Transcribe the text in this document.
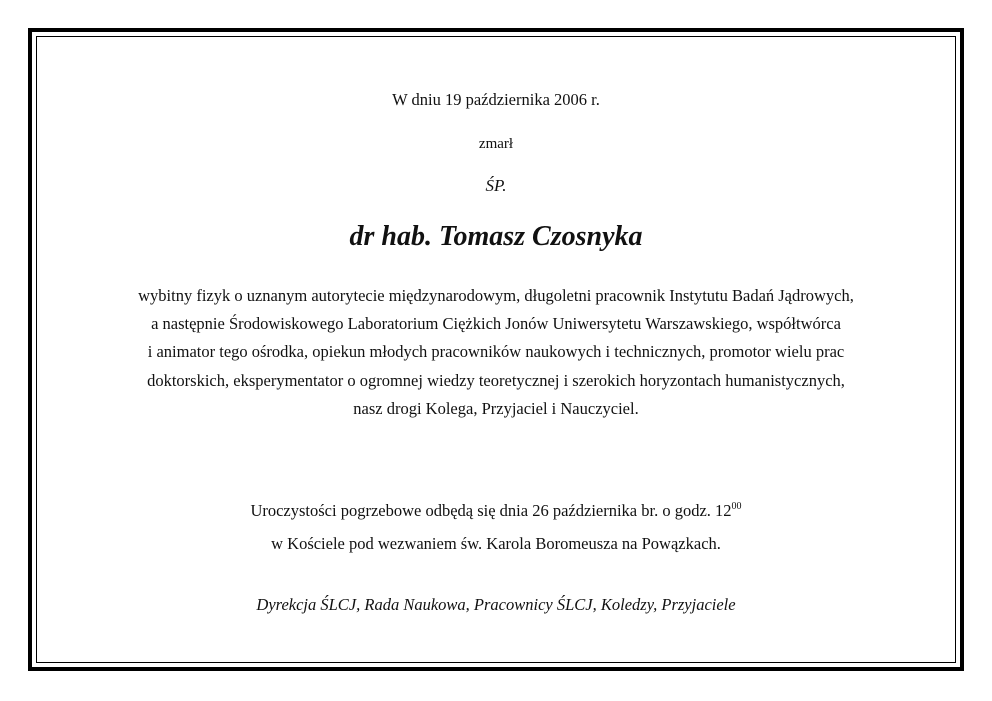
W dniu 19 października 2006 r.
zmarł
ŚP.
dr hab. Tomasz Czosnyka
wybitny fizyk o uznanym autorytecie międzynarodowym, długoletni pracownik Instytutu Badań Jądrowych,
a następnie Środowiskowego Laboratorium Ciężkich Jonów Uniwersytetu Warszawskiego, współtwórca
i animator tego ośrodka, opiekun młodych pracowników naukowych i technicznych, promotor wielu prac
doktorskich, eksperymentator o ogromnej wiedzy teoretycznej i szerokich horyzontach humanistycznych,
nasz drogi Kolega, Przyjaciel i Nauczyciel.
Uroczystości pogrzebowe odbędą się dnia 26 października br. o godz. $12^{00}$
w Kościele pod wezwaniem św. Karola Boromeusza na Powązkach.
Dyrekcja ŚLCJ, Rada Naukowa, Pracownicy ŚLCJ, Koledzy, Przyjaciele
